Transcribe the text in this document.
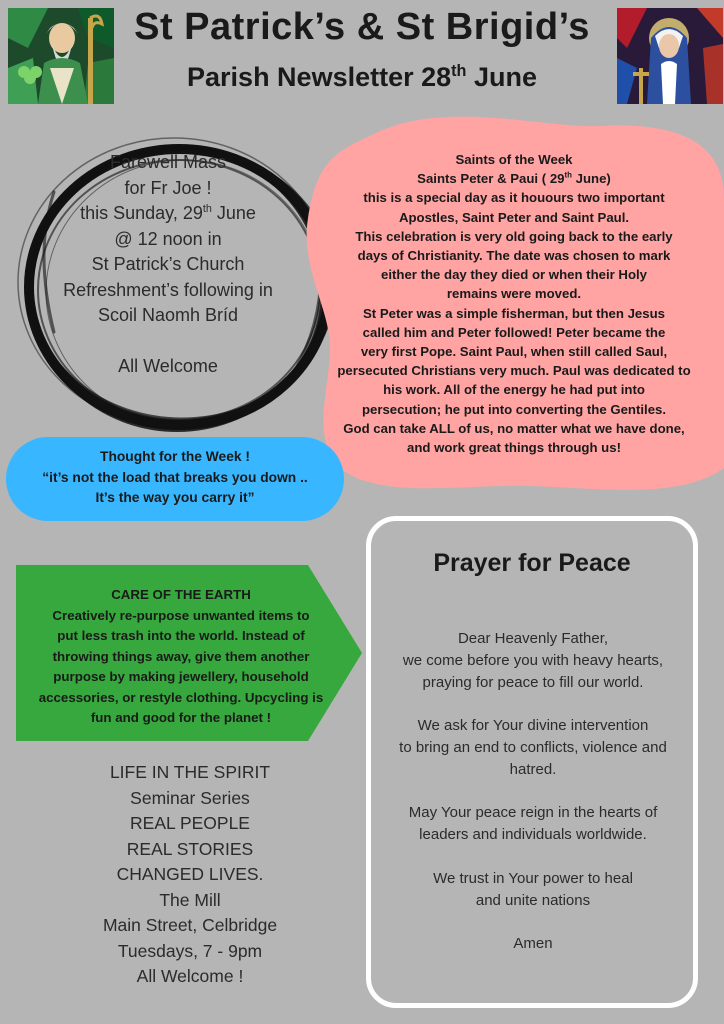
St Patrick’s & St Brigid’s
Parish Newsletter 28th June
Farewell Mass
for Fr Joe !
this Sunday, 29th June
@ 12 noon in
St Patrick’s Church
Refreshment’s following in
Scoil Naomh Bríd
All Welcome
Saints of the Week
Saints Peter & Paui ( 29th June)
this is a special day as it houours two important
Apostles, Saint Peter and Saint Paul.
This celebration is very old going back to the early
days of Christianity. The date was chosen to mark
either the day they died or when their Holy
remains were moved.
St Peter was a simple fisherman, but then Jesus
called him and Peter followed! Peter became the
very first Pope. Saint Paul, when still called Saul,
persecuted Christians very much. Paul was dedicated to
his work. All of the energy he had put into
persecution; he put into converting the Gentiles.
God can take ALL of us, no matter what we have done,
and work great things through us!
Thought for the Week !
“it’s not the load that breaks you down ..
It’s the way you carry it”
CARE OF THE EARTH
Creatively re-purpose unwanted items to
put less trash into the world. Instead of
throwing things away, give them another
purpose by making jewellery, household
accessories, or restyle clothing. Upcycling is
fun and good for the planet !
LIFE IN THE SPIRIT
Seminar Series
REAL PEOPLE
REAL STORIES
CHANGED LIVES.
The Mill
Main Street, Celbridge
Tuesdays, 7 - 9pm
All Welcome !
Prayer for Peace
Dear Heavenly Father,
we come before you with heavy hearts,
praying for peace to fill our world.
We ask for Your divine intervention
to bring an end to conflicts, violence and
hatred.
May Your peace reign in the hearts of
leaders and individuals worldwide.
We trust in Your power to heal
and unite nations
Amen
